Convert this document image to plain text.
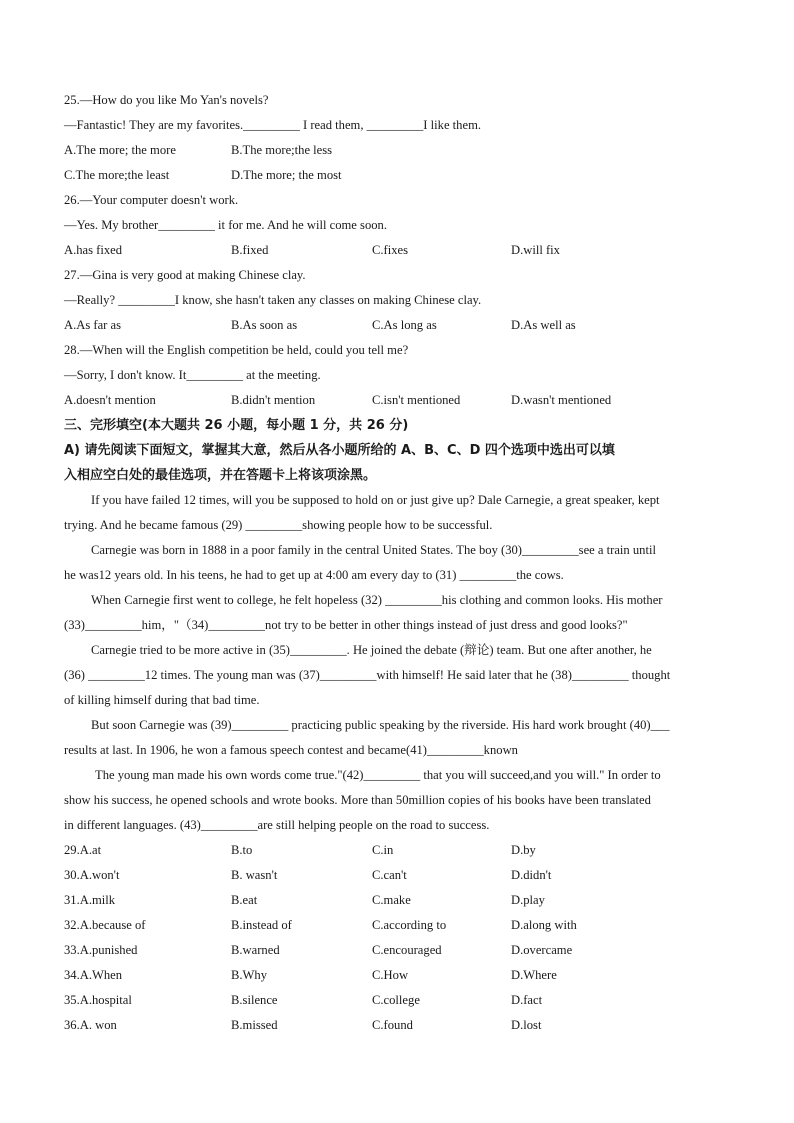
25.—How do you like Mo Yan's novels?
—Fantastic! They are my favorites._________ I read them, _________I like them.
A.The more; the more	B.The more;the less
C.The more;the least	D.The more; the most
26.—Your computer doesn't work.
—Yes. My brother_________ it for me. And he will come soon.
A.has fixed	B.fixed	C.fixes	D.will fix
27.—Gina is very good at making Chinese clay.
—Really? _________I know, she hasn't taken any classes on making Chinese clay.
A.As far as	B.As soon as	C.As long as	D.As well as
28.—When will the English competition be held, could you tell me?
—Sorry, I don't know. It_________ at the meeting.
A.doesn't mention	B.didn't mention	C.isn't mentioned	D.wasn't mentioned
三、完形填空(本大题共 26 小题，每小题 1 分，共 26 分)
A) 请先阅读下面短文，掌握其大意，然后从各小题所给的 A、B、C、D 四个选项中选出可以填
入相应空白处的最佳选项，并在答题卡上将该项涂黑。
If you have failed 12 times, will you be supposed to hold on or just give up? Dale Carnegie, a great speaker, kept
trying. And he became famous (29) _________showing people how to be successful.
Carnegie was born in 1888 in a poor family in the central United States. The boy (30)_________see a train until
he was12 years old. In his teens, he had to get up at 4:00 am every day to (31) _________the cows.
When Carnegie first went to college, he felt hopeless (32) _________his clothing and common looks. His mother
(33)_________him，"（34)_________not try to be better in other things instead of just dress and good looks?"
Carnegie tried to be more active in (35)_________. He joined the debate (辩论) team. But one after another, he
(36) _________12 times. The young man was (37)_________with himself! He said later that he (38)_________ thought
of killing himself during that bad time.
But soon Carnegie was (39)_________ practicing public speaking by the riverside. His hard work brought (40)___
results at last. In 1906, he won a famous speech contest and became(41)_________known
The young man made his own words come true."(42)_________ that you will succeed,and you will." In order to
show his success, he opened schools and wrote books. More than 50million copies of his books have been translated
in different languages. (43)_________are still helping people on the road to success.
29.A.at	B.to	C.in	D.by
30.A.won't	B. wasn't	C.can't	D.didn't
31.A.milk	B.eat	C.make	D.play
32.A.because of	B.instead of	C.according to	D.along with
33.A.punished	B.warned	C.encouraged	D.overcame
34.A.When	B.Why	C.How	D.Where
35.A.hospital	B.silence	C.college	D.fact
36.A. won	B.missed	C.found	D.lost
